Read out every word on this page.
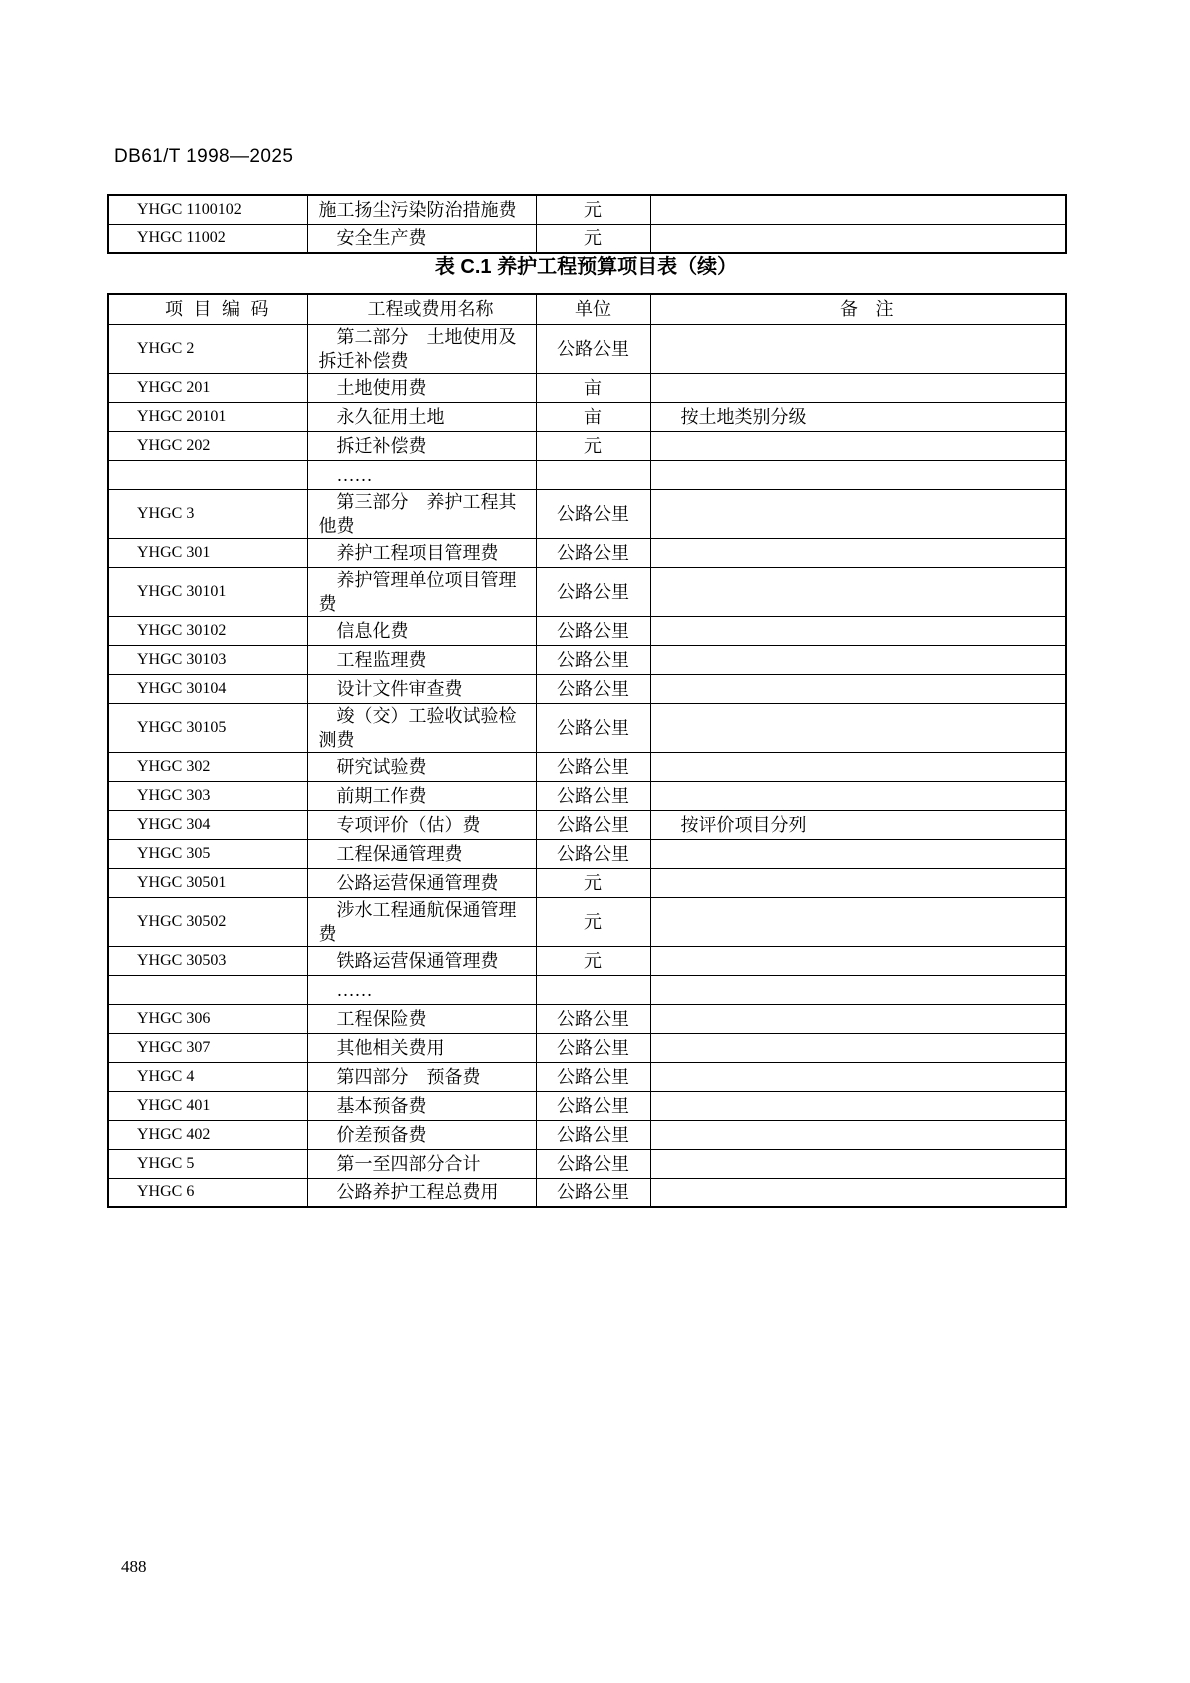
DB61/T 1998—2025
YHGC 1100102	施工扬尘污染防治措施费	元	
YHGC 11002	安全生产费	元	
表 C.1 养护工程预算项目表（续）
项 目 编 码	工程或费用名称	单位	备 注
YHGC 2	第二部分　土地使用及拆迁补偿费	公路公里	
YHGC 201	土地使用费	亩	
YHGC 20101	永久征用土地	亩	按土地类别分级
YHGC 202	拆迁补偿费	元	
	……		
YHGC 3	第三部分　养护工程其他费	公路公里	
YHGC 301	养护工程项目管理费	公路公里	
YHGC 30101	养护管理单位项目管理费	公路公里	
YHGC 30102	信息化费	公路公里	
YHGC 30103	工程监理费	公路公里	
YHGC 30104	设计文件审查费	公路公里	
YHGC 30105	竣（交）工验收试验检测费	公路公里	
YHGC 302	研究试验费	公路公里	
YHGC 303	前期工作费	公路公里	
YHGC 304	专项评价（估）费	公路公里	按评价项目分列
YHGC 305	工程保通管理费	公路公里	
YHGC 30501	公路运营保通管理费	元	
YHGC 30502	涉水工程通航保通管理费	元	
YHGC 30503	铁路运营保通管理费	元	
	……		
YHGC 306	工程保险费	公路公里	
YHGC 307	其他相关费用	公路公里	
YHGC 4	第四部分　预备费	公路公里	
YHGC 401	基本预备费	公路公里	
YHGC 402	价差预备费	公路公里	
YHGC 5	第一至四部分合计	公路公里	
YHGC 6	公路养护工程总费用	公路公里	
488
